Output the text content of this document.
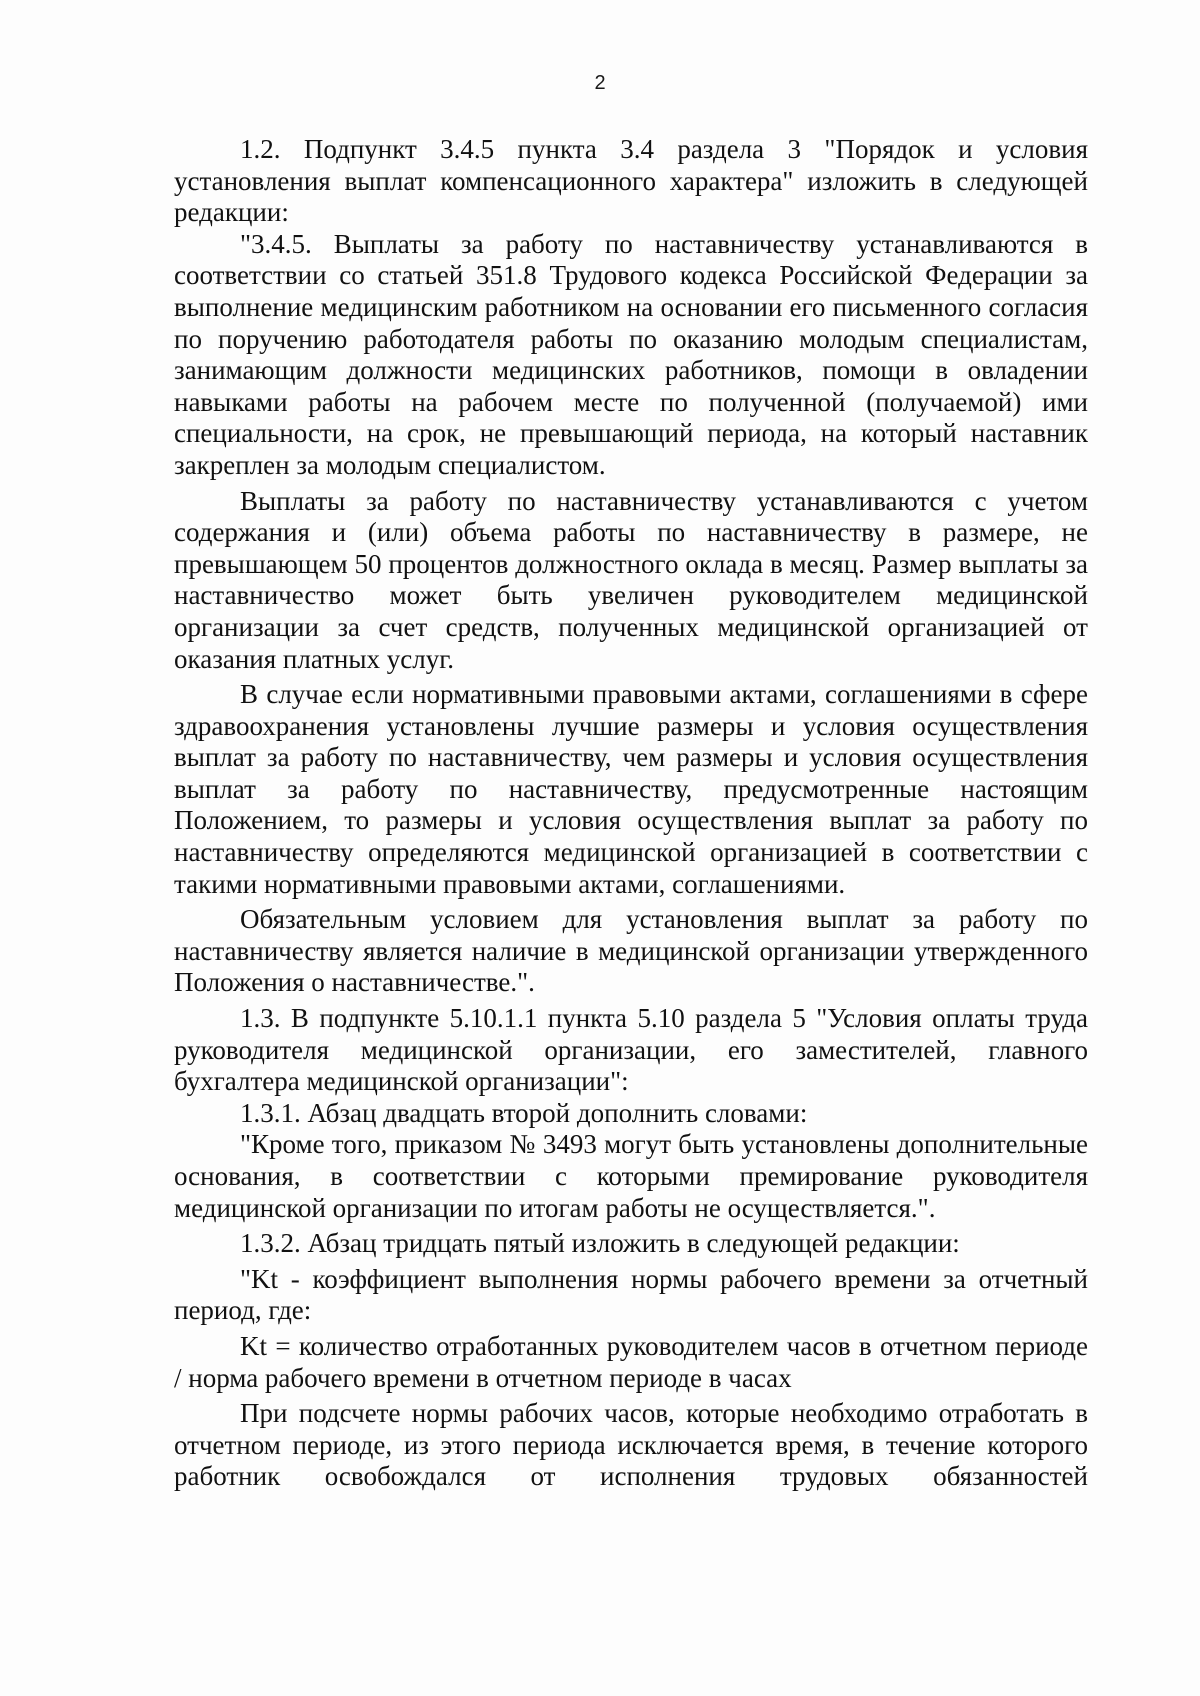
2

1.2. Подпункт 3.4.5 пункта 3.4 раздела 3 "Порядок и условия установления выплат компенсационного характера" изложить в следующей редакции:

"3.4.5. Выплаты за работу по наставничеству устанавливаются в соответствии со статьей 351.8 Трудового кодекса Российской Федерации за выполнение медицинским работником на основании его письменного согласия по поручению работодателя работы по оказанию молодым специалистам, занимающим должности медицинских работников, помощи в овладении навыками работы на рабочем месте по полученной (получаемой) ими специальности, на срок, не превышающий периода, на который наставник закреплен за молодым специалистом.

Выплаты за работу по наставничеству устанавливаются с учетом содержания и (или) объема работы по наставничеству в размере, не превышающем 50 процентов должностного оклада в месяц. Размер выплаты за наставничество может быть увеличен руководителем медицинской организации за счет средств, полученных медицинской организацией от оказания платных услуг.

В случае если нормативными правовыми актами, соглашениями в сфере здравоохранения установлены лучшие размеры и условия осуществления выплат за работу по наставничеству, чем размеры и условия осуществления выплат за работу по наставничеству, предусмотренные настоящим Положением, то размеры и условия осуществления выплат за работу по наставничеству определяются медицинской организацией в соответствии с такими нормативными правовыми актами, соглашениями.

Обязательным условием для установления выплат за работу по наставничеству является наличие в медицинской организации утвержденного Положения о наставничестве.".

1.3. В подпункте 5.10.1.1 пункта 5.10 раздела 5 "Условия оплаты труда руководителя медицинской организации, его заместителей, главного бухгалтера медицинской организации":

1.3.1. Абзац двадцать второй дополнить словами:

"Кроме того, приказом № 3493 могут быть установлены дополнительные основания, в соответствии с которыми премирование руководителя медицинской организации по итогам работы не осуществляется.".

1.3.2. Абзац тридцать пятый изложить в следующей редакции:

"Kt - коэффициент выполнения нормы рабочего времени за отчетный период, где:

Kt = количество отработанных руководителем часов в отчетном периоде / норма рабочего времени в отчетном периоде в часах

При подсчете нормы рабочих часов, которые необходимо отработать в отчетном периоде, из этого периода исключается время, в течение которого работник освобождался от исполнения трудовых обязанностей
